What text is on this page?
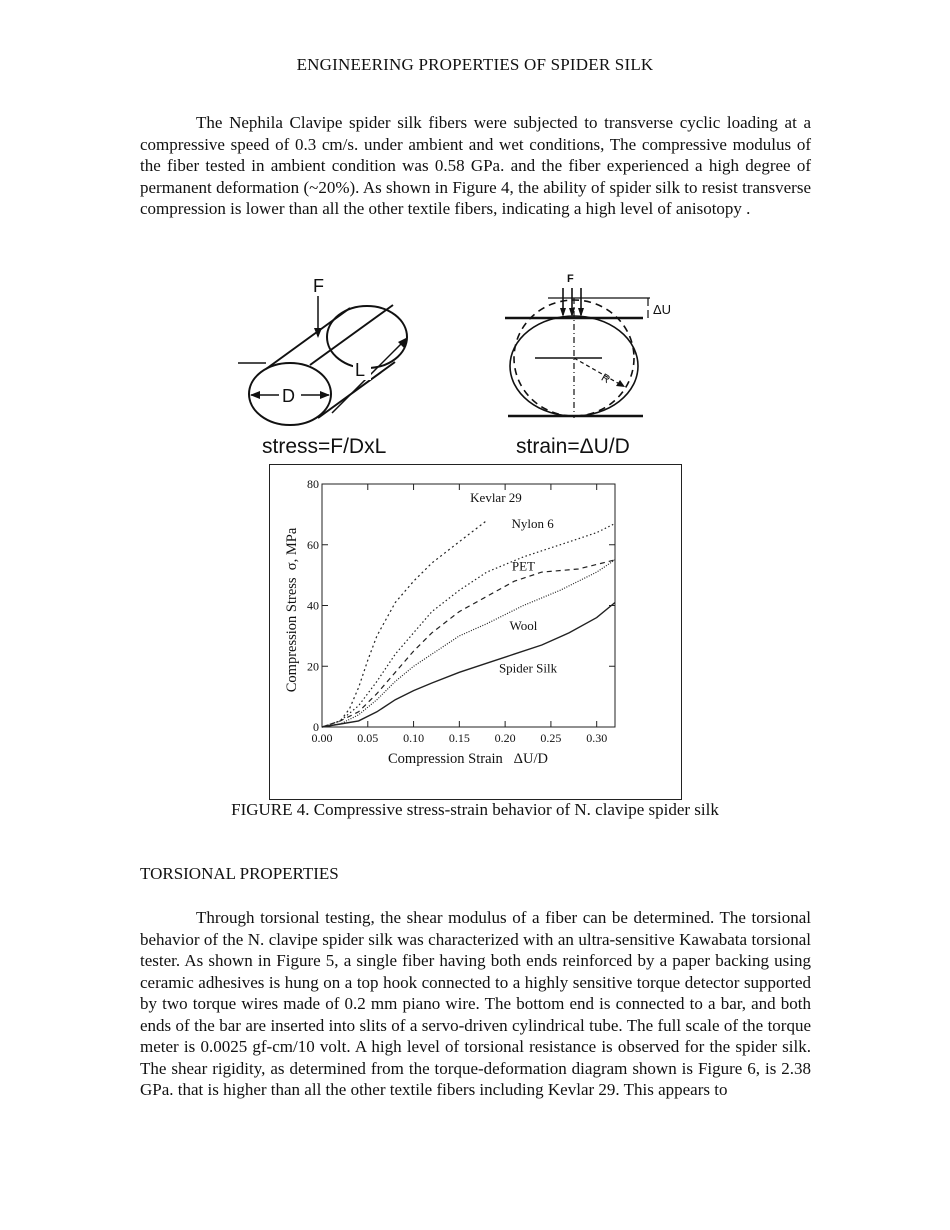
ENGINEERING PROPERTIES OF SPIDER SILK

The Nephila Clavipe spider silk fibers were subjected to transverse cyclic loading at a compressive speed of 0.3 cm/s. under ambient and wet conditions, The compressive modulus of the fiber tested in ambient condition was 0.58 GPa. and the fiber experienced a high degree of permanent deformation (~20%). As shown in Figure 4, the ability of spider silk to resist transverse compression is lower than all the other textile fibers, indicating a high level of anisotopy .

F
D
L
stress=F/DxL
F
ΔU
R
strain=ΔU/D
0.00 0.05 0.10 0.15 0.20 0.25 0.30
0
20
40
60
80
Kevlar 29
Nylon 6
PET
Wool
Spider Silk
Compression Strain   ΔU/D
Compression Stress  σ, MPa
FIGURE 4. Compressive stress-strain behavior of N. clavipe spider silk
TORSIONAL PROPERTIES

Through torsional testing, the shear modulus of a fiber can be determined. The torsional behavior of the N. clavipe spider silk was characterized with an ultra-sensitive Kawabata torsional tester. As shown in Figure 5, a single fiber having both ends reinforced by a paper backing using ceramic adhesives is hung on a top hook connected to a highly sensitive torque detector supported by two torque wires made of 0.2 mm piano wire. The bottom end is connected to a bar, and both ends of the bar are inserted into slits of a servo-driven cylindrical tube. The full scale of the torque meter is 0.0025 gf-cm/10 volt. A high level of torsional resistance is observed for the spider silk. The shear rigidity, as determined from the torque-deformation diagram shown is Figure 6, is 2.38 GPa. that is higher than all the other textile fibers including Kevlar 29. This appears to
